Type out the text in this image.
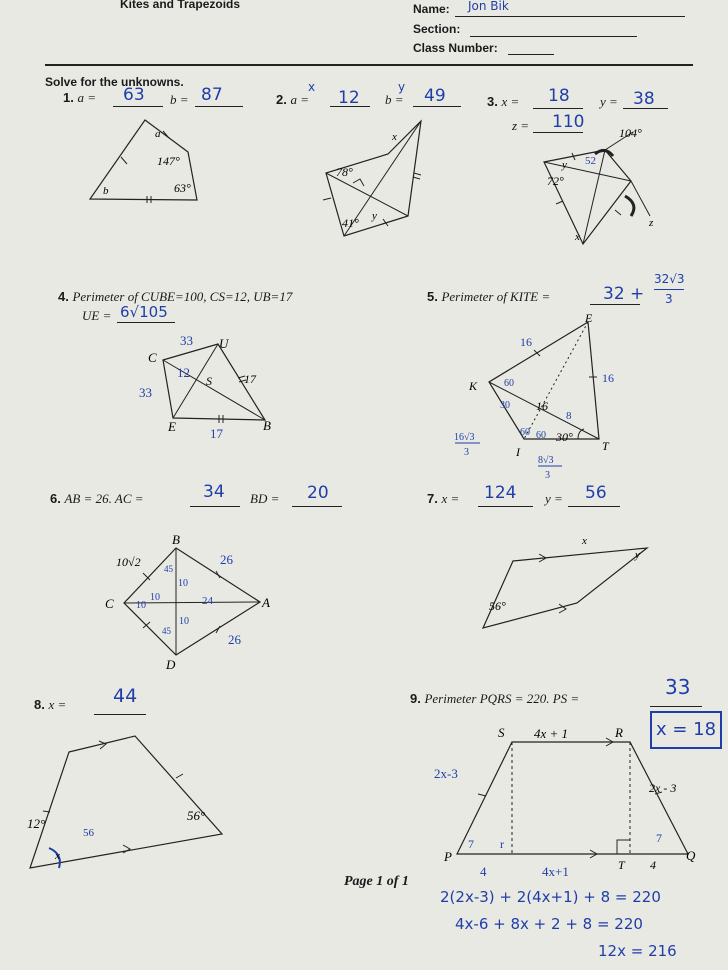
Kites and Trapezoids	Name: Jon Bik
Section:
Class Number:
Solve for the unknowns.
1. a = 63 b = 87
a
147°
63°
b
2. a =
x
12 b =
y 49
x
78°
41° y
3. x = 18 y = 38
z = 110
104°
72°
y 52
x
z
4. Perimeter of CUBE=100, CS=12, UB=17
UE = 6√105
C
U
B
E
S	17
33
33
12
17
5. Perimeter of KITE =	32 +
32√3
3
E
K
T
I
16
30°
16
16
60
30
60 60
8
16√3
3
8√3
3
6. AB = 26. AC =	34 BD = 20
B
C	A
D
10√2	26
26
10
10
24
10
10
45
45
7. x = 124 y = 56
56°
x
y
8. x = 44
56°
12°
x
56
9. Perimeter PQRS = 220. PS =	33
x = 18
S	R
P	Q
T 4
4x + 1
2x - 3
2x-3
4	4x+1
7	7
r
Page 1 of 1
2(2x-3) + 2(4x+1) + 8 = 220
4x-6 + 8x + 2 + 8 = 220
12x = 216
